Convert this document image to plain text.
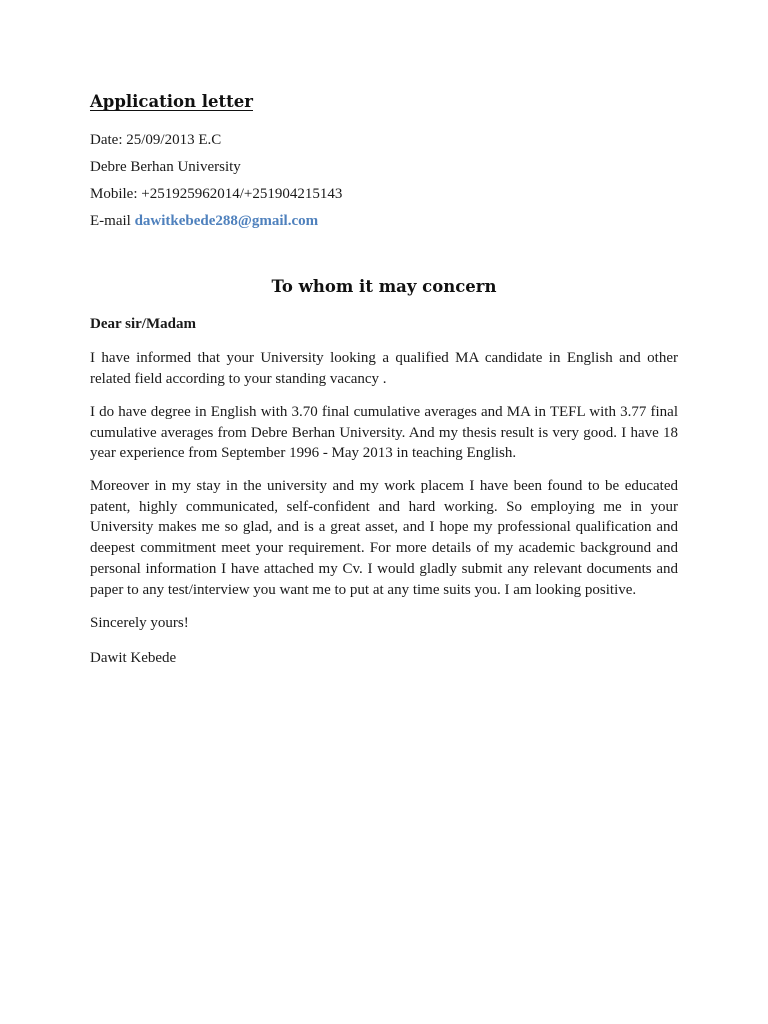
Application letter

Date: 25/09/2013 E.C

Debre Berhan University

Mobile: +251925962014/+251904215143

E-mail dawitkebede288@gmail.com

To whom it may concern

Dear sir/Madam

I have informed that your University looking a qualified MA candidate in English and other related field according to your standing vacancy .

I do have degree in English with 3.70 final cumulative averages and MA in TEFL with 3.77 final cumulative averages from Debre Berhan University. And my thesis result is very good. I have 18 year experience from September 1996 - May 2013 in teaching English.

Moreover in my stay in the university and my work placem I have been found to be educated patent, highly communicated, self-confident and hard working. So employing me in your University makes me so glad, and is a great asset, and I hope my professional qualification and deepest commitment meet your requirement. For more details of my academic background and personal information I have attached my Cv. I would gladly submit any relevant documents and paper to any test/interview you want me to put at any time suits you. I am looking positive.

Sincerely yours!

Dawit Kebede
